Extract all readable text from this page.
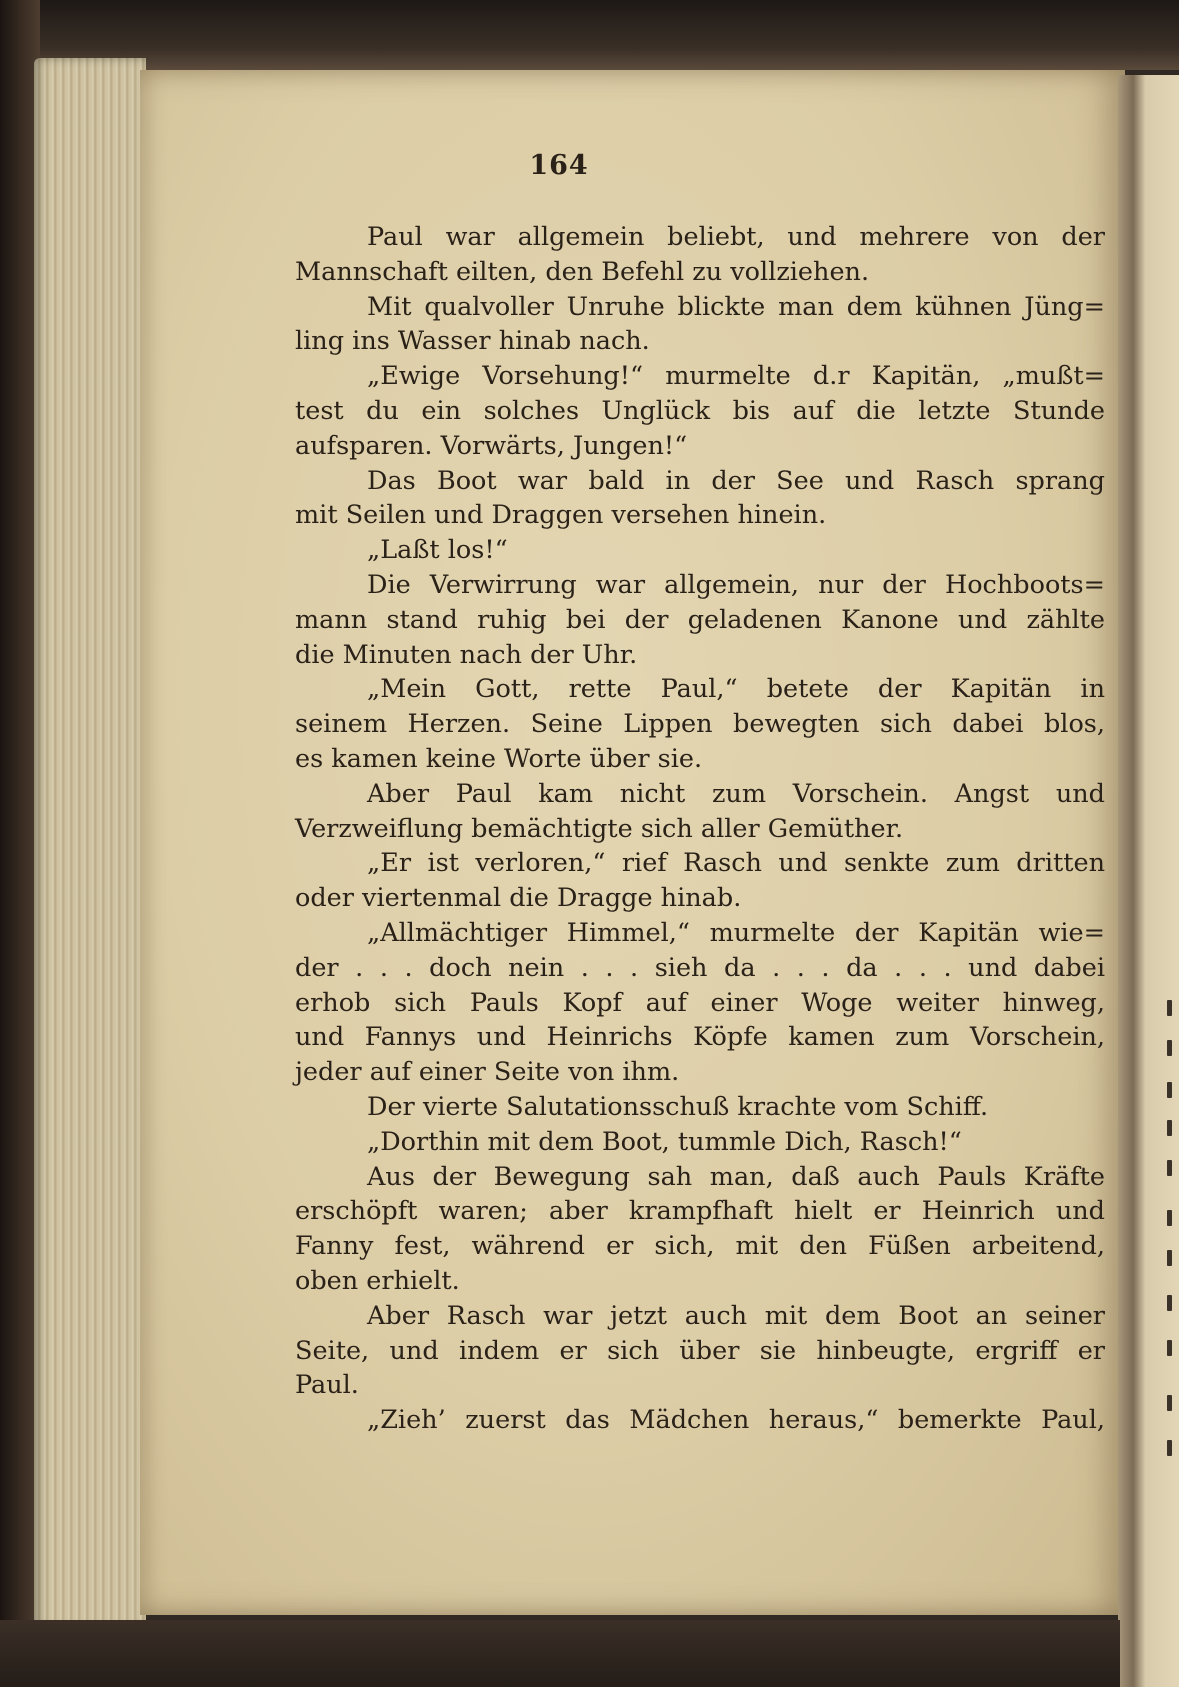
164
Paul war allgemein beliebt, und mehrere von der
Mannschaft eilten, den Befehl zu vollziehen.
Mit qualvoller Unruhe blickte man dem kühnen Jüng=
ling ins Wasser hinab nach.
„Ewige Vorsehung!“ murmelte d.r Kapitän, „mußt=
test du ein solches Unglück bis auf die letzte Stunde
aufsparen. Vorwärts, Jungen!“
Das Boot war bald in der See und Rasch sprang
mit Seilen und Draggen versehen hinein.
„Laßt los!“
Die Verwirrung war allgemein, nur der Hochboots=
mann stand ruhig bei der geladenen Kanone und zählte
die Minuten nach der Uhr.
„Mein Gott, rette Paul,“ betete der Kapitän in
seinem Herzen. Seine Lippen bewegten sich dabei blos,
es kamen keine Worte über sie.
Aber Paul kam nicht zum Vorschein. Angst und
Verzweiflung bemächtigte sich aller Gemüther.
„Er ist verloren,“ rief Rasch und senkte zum dritten
oder viertenmal die Dragge hinab.
„Allmächtiger Himmel,“ murmelte der Kapitän wie=
der . . . doch nein . . . sieh da . . . da . . . und dabei
erhob sich Pauls Kopf auf einer Woge weiter hinweg,
und Fannys und Heinrichs Köpfe kamen zum Vorschein,
jeder auf einer Seite von ihm.
Der vierte Salutationsschuß krachte vom Schiff.
„Dorthin mit dem Boot, tummle Dich, Rasch!“
Aus der Bewegung sah man, daß auch Pauls Kräfte
erschöpft waren; aber krampfhaft hielt er Heinrich und
Fanny fest, während er sich, mit den Füßen arbeitend,
oben erhielt.
Aber Rasch war jetzt auch mit dem Boot an seiner
Seite, und indem er sich über sie hinbeugte, ergriff er
Paul.
„Zieh’ zuerst das Mädchen heraus,“ bemerkte Paul,
